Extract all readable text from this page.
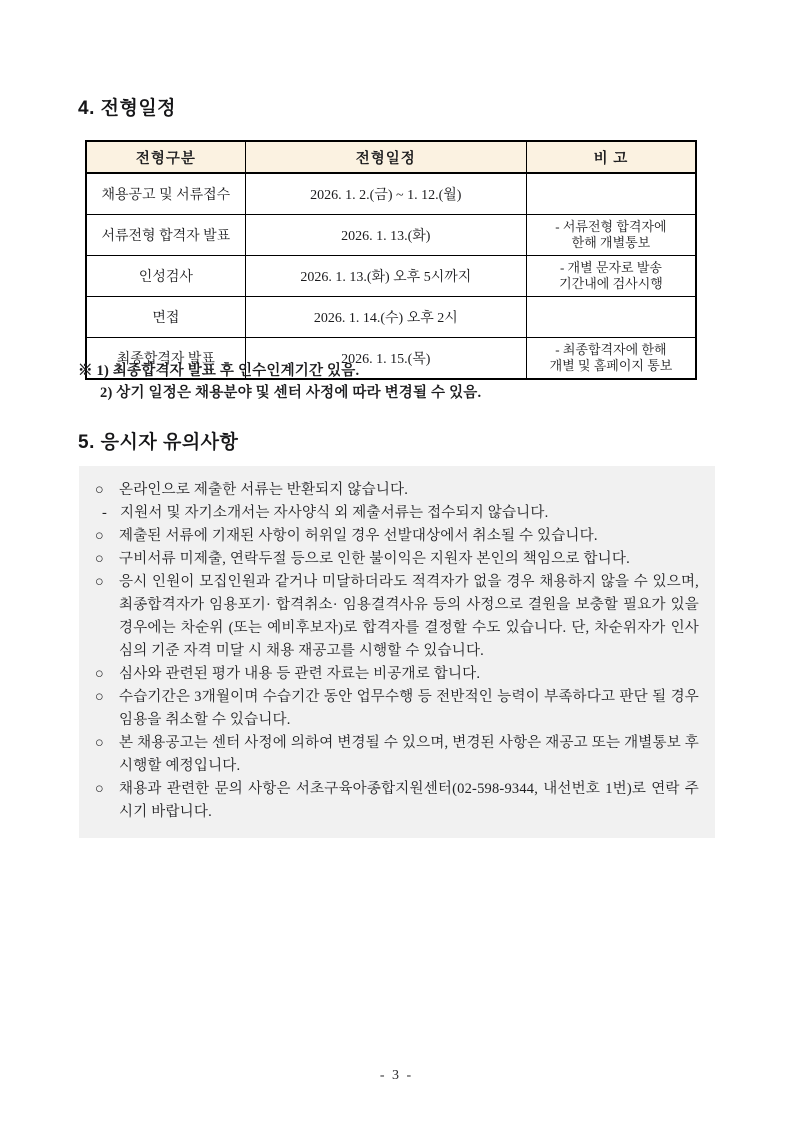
4. 전형일정
전형구분	전형일정	비 고
채용공고 및 서류접수	2026. 1. 2.(금) ~ 1. 12.(월)	
서류전형 합격자 발표	2026. 1. 13.(화)	- 서류전형 합격자에
한해 개별통보

인성검사	2026. 1. 13.(화) 오후 5시까지	- 개별 문자로 발송
기간내에 검사시행

면접	2026. 1. 14.(수) 오후 2시	
최종합격자 발표	2026. 1. 15.(목)	- 최종합격자에 한해
개별 및 홈페이지 통보
※ 1) 최종합격자 발표 후 인수인계기간 있음.
2) 상기 일정은 채용분야 및 센터 사정에 따라 변경될 수 있음.
5. 응시자 유의사항
○	온라인으로 제출한 서류는 반환되지 않습니다.
- 지원서 및 자기소개서는 자사양식 외 제출서류는 접수되지 않습니다.
○	제출된 서류에 기재된 사항이 허위일 경우 선발대상에서 취소될 수 있습니다.
○	구비서류 미제출, 연락두절 등으로 인한 불이익은 지원자 본인의 책임으로 합니다.
○	응시 인원이 모집인원과 같거나 미달하더라도 적격자가 없을 경우 채용하지 않을 수 있으며, 최종합격자가 임용포기· 합격취소· 임용결격사유 등의 사정으로 결원을 보충할 필요가 있을 경우에는 차순위 (또는 예비후보자)로 합격자를 결정할 수도 있습니다. 단, 차순위자가 인사심의 기준 자격 미달 시 채용 재공고를 시행할 수 있습니다.
○	심사와 관련된 평가 내용 등 관련 자료는 비공개로 합니다.
○	수습기간은 3개월이며 수습기간 동안 업무수행 등 전반적인 능력이 부족하다고 판단 될 경우 임용을 취소할 수 있습니다.
○	본 채용공고는 센터 사정에 의하여 변경될 수 있으며, 변경된 사항은 재공고 또는 개별통보 후 시행할 예정입니다.
○	채용과 관련한 문의 사항은 서초구육아종합지원센터(02-598-9344, 내선번호 1번)로 연락 주시기 바랍니다.
- 3 -
